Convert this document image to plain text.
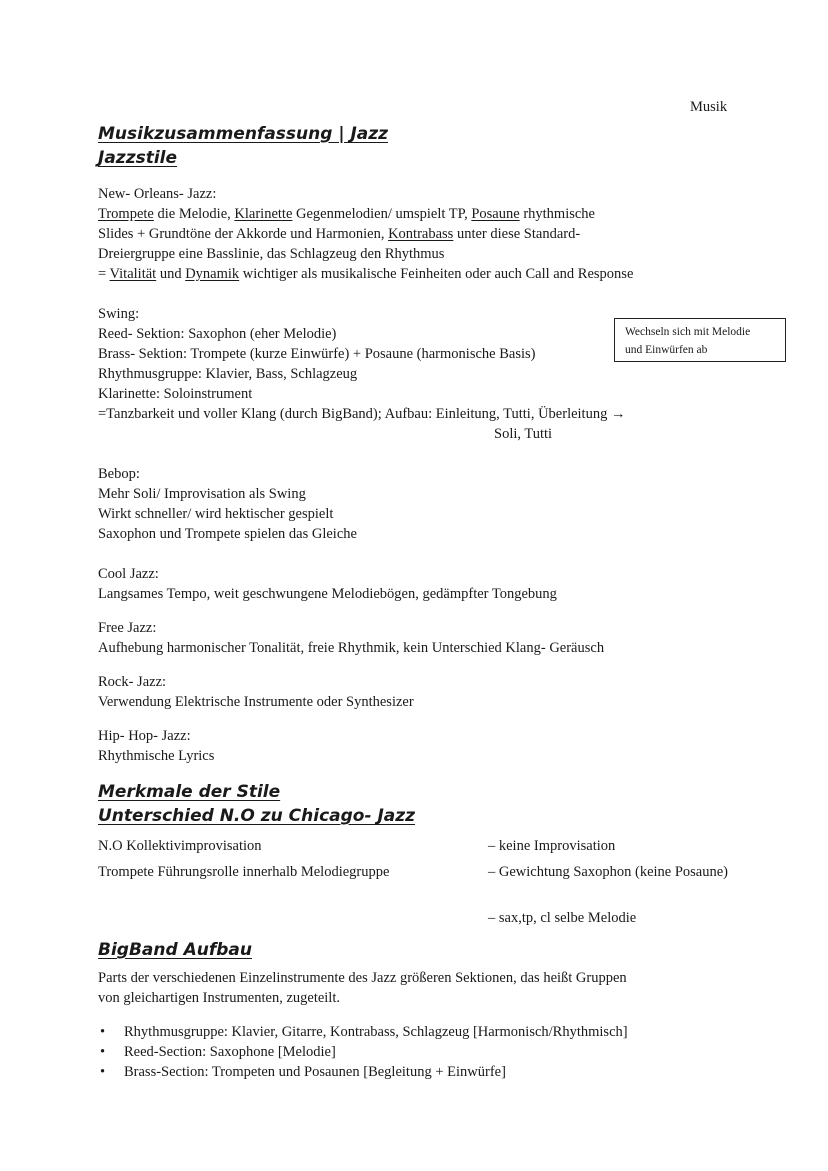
Musik
Wechseln sich mit Melodie
und Einwürfen ab
Musikzusammenfassung | Jazz
Jazzstile
New- Orleans- Jazz:
Trompete die Melodie, Klarinette Gegenmelodien/ umspielt TP, Posaune rhythmische
Slides + Grundtöne der Akkorde und Harmonien, Kontrabass unter diese Standard-
Dreiergruppe eine Basslinie, das Schlagzeug den Rhythmus
= Vitalität und Dynamik wichtiger als musikalische Feinheiten oder auch Call and Response
Swing:
Reed- Sektion: Saxophon (eher Melodie)
Brass- Sektion: Trompete (kurze Einwürfe) + Posaune (harmonische Basis)
Rhythmusgruppe: Klavier, Bass, Schlagzeug
Klarinette: Soloinstrument
=Tanzbarkeit und voller Klang (durch BigBand); Aufbau: Einleitung, Tutti, Überleitung →
Soli, Tutti
Bebop:
Mehr Soli/ Improvisation als Swing
Wirkt schneller/ wird hektischer gespielt
Saxophon und Trompete spielen das Gleiche
Cool Jazz:
Langsames Tempo, weit geschwungene Melodiebögen, gedämpfter Tongebung
Free Jazz:
Aufhebung harmonischer Tonalität, freie Rhythmik, kein Unterschied Klang- Geräusch
Rock- Jazz:
Verwendung Elektrische Instrumente oder Synthesizer
Hip- Hop- Jazz:
Rhythmische Lyrics
Merkmale der Stile
Unterschied N.O zu Chicago- Jazz
N.O Kollektivimprovisation
Trompete Führungsrolle innerhalb Melodiegruppe
– keine Improvisation
– Gewichtung Saxophon (keine Posaune)
– sax,tp, cl selbe Melodie
BigBand Aufbau
Parts der verschiedenen Einzelinstrumente des Jazz größeren Sektionen, das heißt Gruppen
von gleichartigen Instrumenten, zugeteilt.
• Rhythmusgruppe: Klavier, Gitarre, Kontrabass, Schlagzeug [Harmonisch/Rhythmisch]
• Reed-Section: Saxophone [Melodie]
• Brass-Section: Trompeten und Posaunen [Begleitung + Einwürfe]
